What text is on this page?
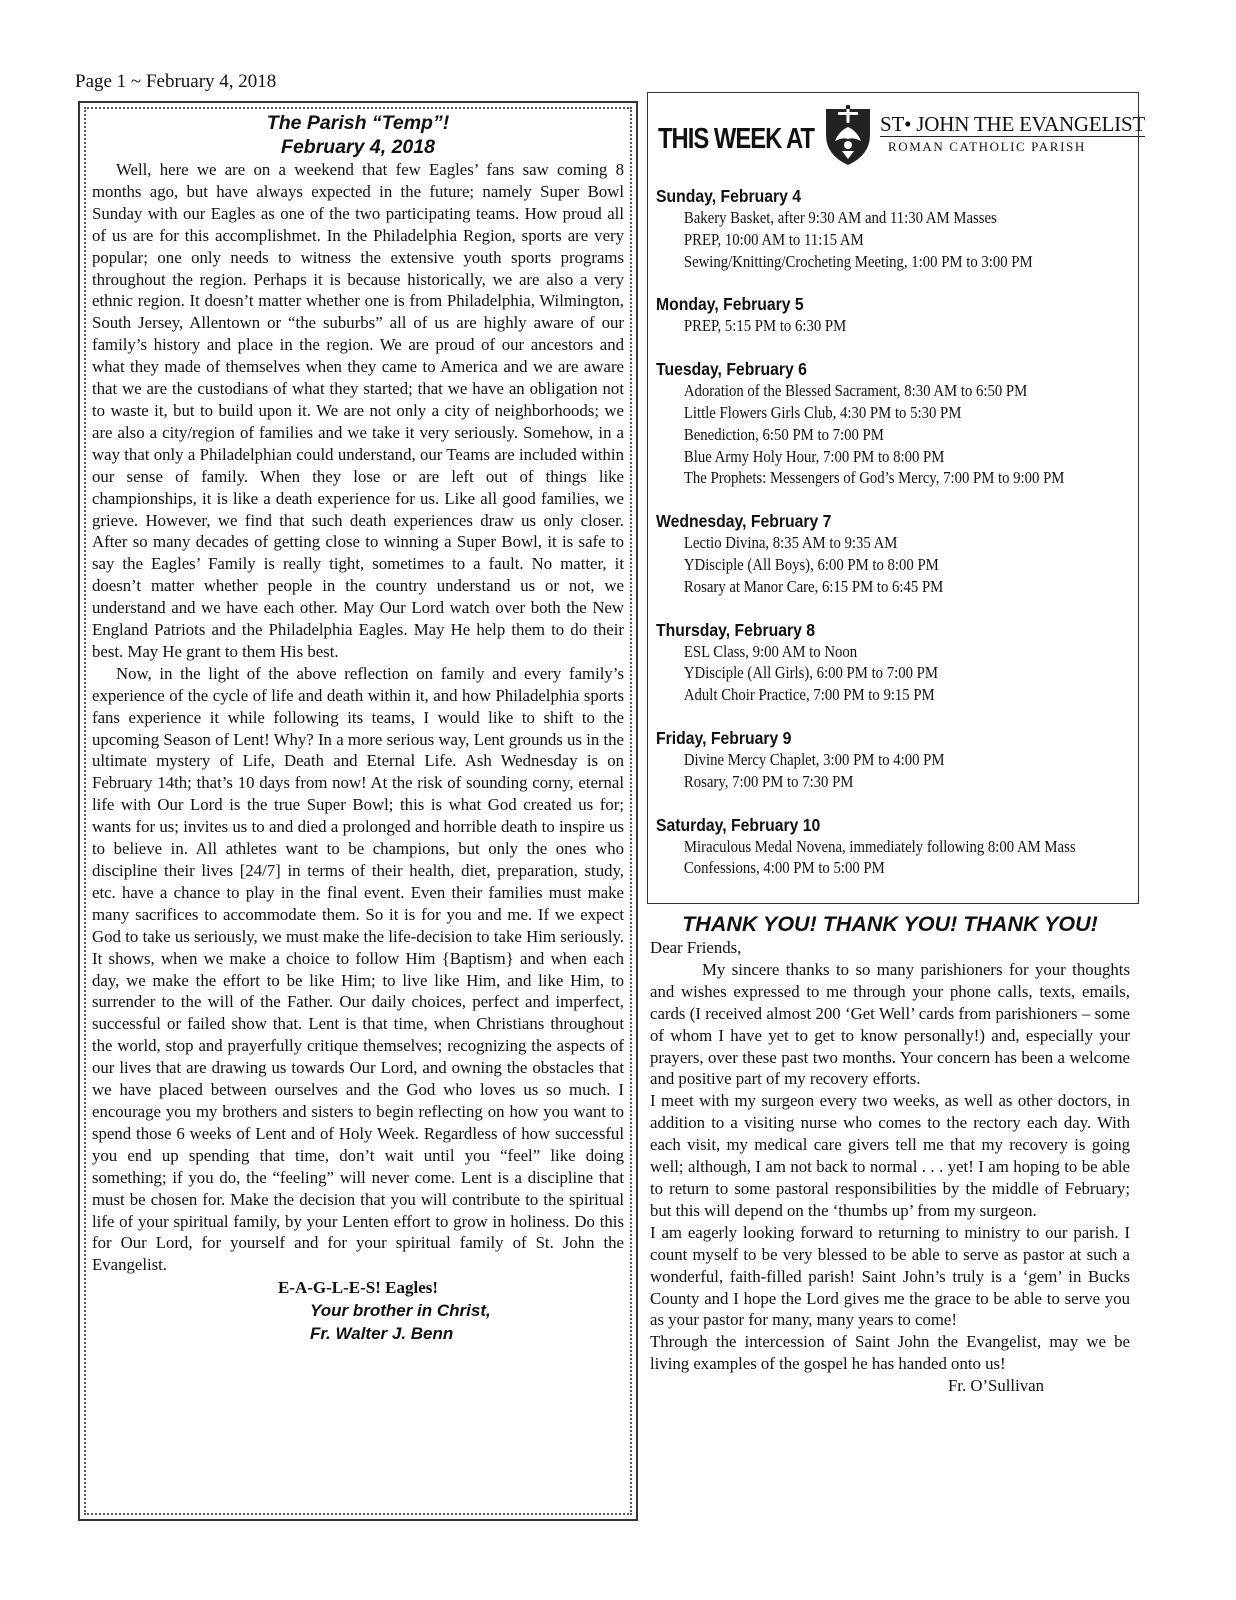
Page 1 ~ February 4, 2018
The Parish “Temp”!
February 4, 2018

Well, here we are on a weekend that few Eagles’ fans saw coming 8 months ago, but have always expected in the future; namely Super Bowl Sunday with our Eagles as one of the two participating teams. How proud all of us are for this accomplishmet. In the Philadelphia Region, sports are very popular; one only needs to witness the extensive youth sports programs throughout the region. Perhaps it is because historically, we are also a very ethnic region. It doesn’t matter whether one is from Philadelphia, Wilmington, South Jersey, Allentown or “the suburbs” all of us are highly aware of our family’s history and place in the region. We are proud of our ancestors and what they made of themselves when they came to America and we are aware that we are the custodians of what they started; that we have an obligation not to waste it, but to build upon it. We are not only a city of neighborhoods; we are also a city/region of families and we take it very seriously. Somehow, in a way that only a Philadelphian could understand, our Teams are included within our sense of family. When they lose or are left out of things like championships, it is like a death experience for us. Like all good families, we grieve. However, we find that such death experiences draw us only closer. After so many decades of getting close to winning a Super Bowl, it is safe to say the Eagles’ Family is really tight, sometimes to a fault. No matter, it doesn’t matter whether people in the country understand us or not, we understand and we have each other. May Our Lord watch over both the New England Patriots and the Philadelphia Eagles. May He help them to do their best. May He grant to them His best.

Now, in the light of the above reflection on family and every family’s experience of the cycle of life and death within it, and how Philadelphia sports fans experience it while following its teams, I would like to shift to the upcoming Season of Lent! Why? In a more serious way, Lent grounds us in the ultimate mystery of Life, Death and Eternal Life. Ash Wednesday is on February 14th; that’s 10 days from now! At the risk of sounding corny, eternal life with Our Lord is the true Super Bowl; this is what God created us for; wants for us; invites us to and died a prolonged and horrible death to inspire us to believe in. All athletes want to be champions, but only the ones who discipline their lives [24/7] in terms of their health, diet, preparation, study, etc. have a chance to play in the final event. Even their families must make many sacrifices to accommodate them. So it is for you and me. If we expect God to take us seriously, we must make the life-decision to take Him seriously. It shows, when we make a choice to follow Him {Baptism} and when each day, we make the effort to be like Him; to live like Him, and like Him, to surrender to the will of the Father. Our daily choices, perfect and imperfect, successful or failed show that. Lent is that time, when Christians throughout the world, stop and prayerfully critique themselves; recognizing the aspects of our lives that are drawing us towards Our Lord, and owning the obstacles that we have placed between ourselves and the God who loves us so much. I encourage you my brothers and sisters to begin reflecting on how you want to spend those 6 weeks of Lent and of Holy Week. Regardless of how successful you end up spending that time, don’t wait until you “feel” like doing something; if you do, the “feeling” will never come. Lent is a discipline that must be chosen for. Make the decision that you will contribute to the spiritual life of your spiritual family, by your Lenten effort to grow in holiness. Do this for Our Lord, for yourself and for your spiritual family of St. John the Evangelist.

E-A-G-L-E-S! Eagles!
Your brother in Christ,
Fr. Walter J. Benn
THIS WEEK AT	ST• JOHN THE EVANGELIST
ROMAN CATHOLIC PARISH
Sunday, February 4
Bakery Basket, after 9:30 AM and 11:30 AM Masses
PREP, 10:00 AM to 11:15 AM
Sewing/Knitting/Crocheting Meeting, 1:00 PM to 3:00 PM
Monday, February 5
PREP, 5:15 PM to 6:30 PM
Tuesday, February 6
Adoration of the Blessed Sacrament, 8:30 AM to 6:50 PM
Little Flowers Girls Club, 4:30 PM to 5:30 PM
Benediction, 6:50 PM to 7:00 PM
Blue Army Holy Hour, 7:00 PM to 8:00 PM
The Prophets: Messengers of God’s Mercy, 7:00 PM to 9:00 PM
Wednesday, February 7
Lectio Divina, 8:35 AM to 9:35 AM
YDisciple (All Boys), 6:00 PM to 8:00 PM
Rosary at Manor Care, 6:15 PM to 6:45 PM
Thursday, February 8
ESL Class, 9:00 AM to Noon
YDisciple (All Girls), 6:00 PM to 7:00 PM
Adult Choir Practice, 7:00 PM to 9:15 PM
Friday, February 9
Divine Mercy Chaplet, 3:00 PM to 4:00 PM
Rosary, 7:00 PM to 7:30 PM
Saturday, February 10
Miraculous Medal Novena, immediately following 8:00 AM Mass
Confessions, 4:00 PM to 5:00 PM
THANK YOU! THANK YOU! THANK YOU!

Dear Friends,

My sincere thanks to so many parishioners for your thoughts and wishes expressed to me through your phone calls, texts, emails, cards (I received almost 200 ‘Get Well’ cards from parishioners – some of whom I have yet to get to know personally!) and, especially your prayers, over these past two months. Your concern has been a welcome and positive part of my recovery efforts.

I meet with my surgeon every two weeks, as well as other doctors, in addition to a visiting nurse who comes to the rectory each day. With each visit, my medical care givers tell me that my recovery is going well; although, I am not back to normal . . . yet! I am hoping to be able to return to some pastoral responsibilities by the middle of February; but this will depend on the ‘thumbs up’ from my surgeon.

I am eagerly looking forward to returning to ministry to our parish. I count myself to be very blessed to be able to serve as pastor at such a wonderful, faith-filled parish! Saint John’s truly is a ‘gem’ in Bucks County and I hope the Lord gives me the grace to be able to serve you as your pastor for many, many years to come!

Through the intercession of Saint John the Evangelist, may we be living examples of the gospel he has handed onto us!

Fr. O’Sullivan
